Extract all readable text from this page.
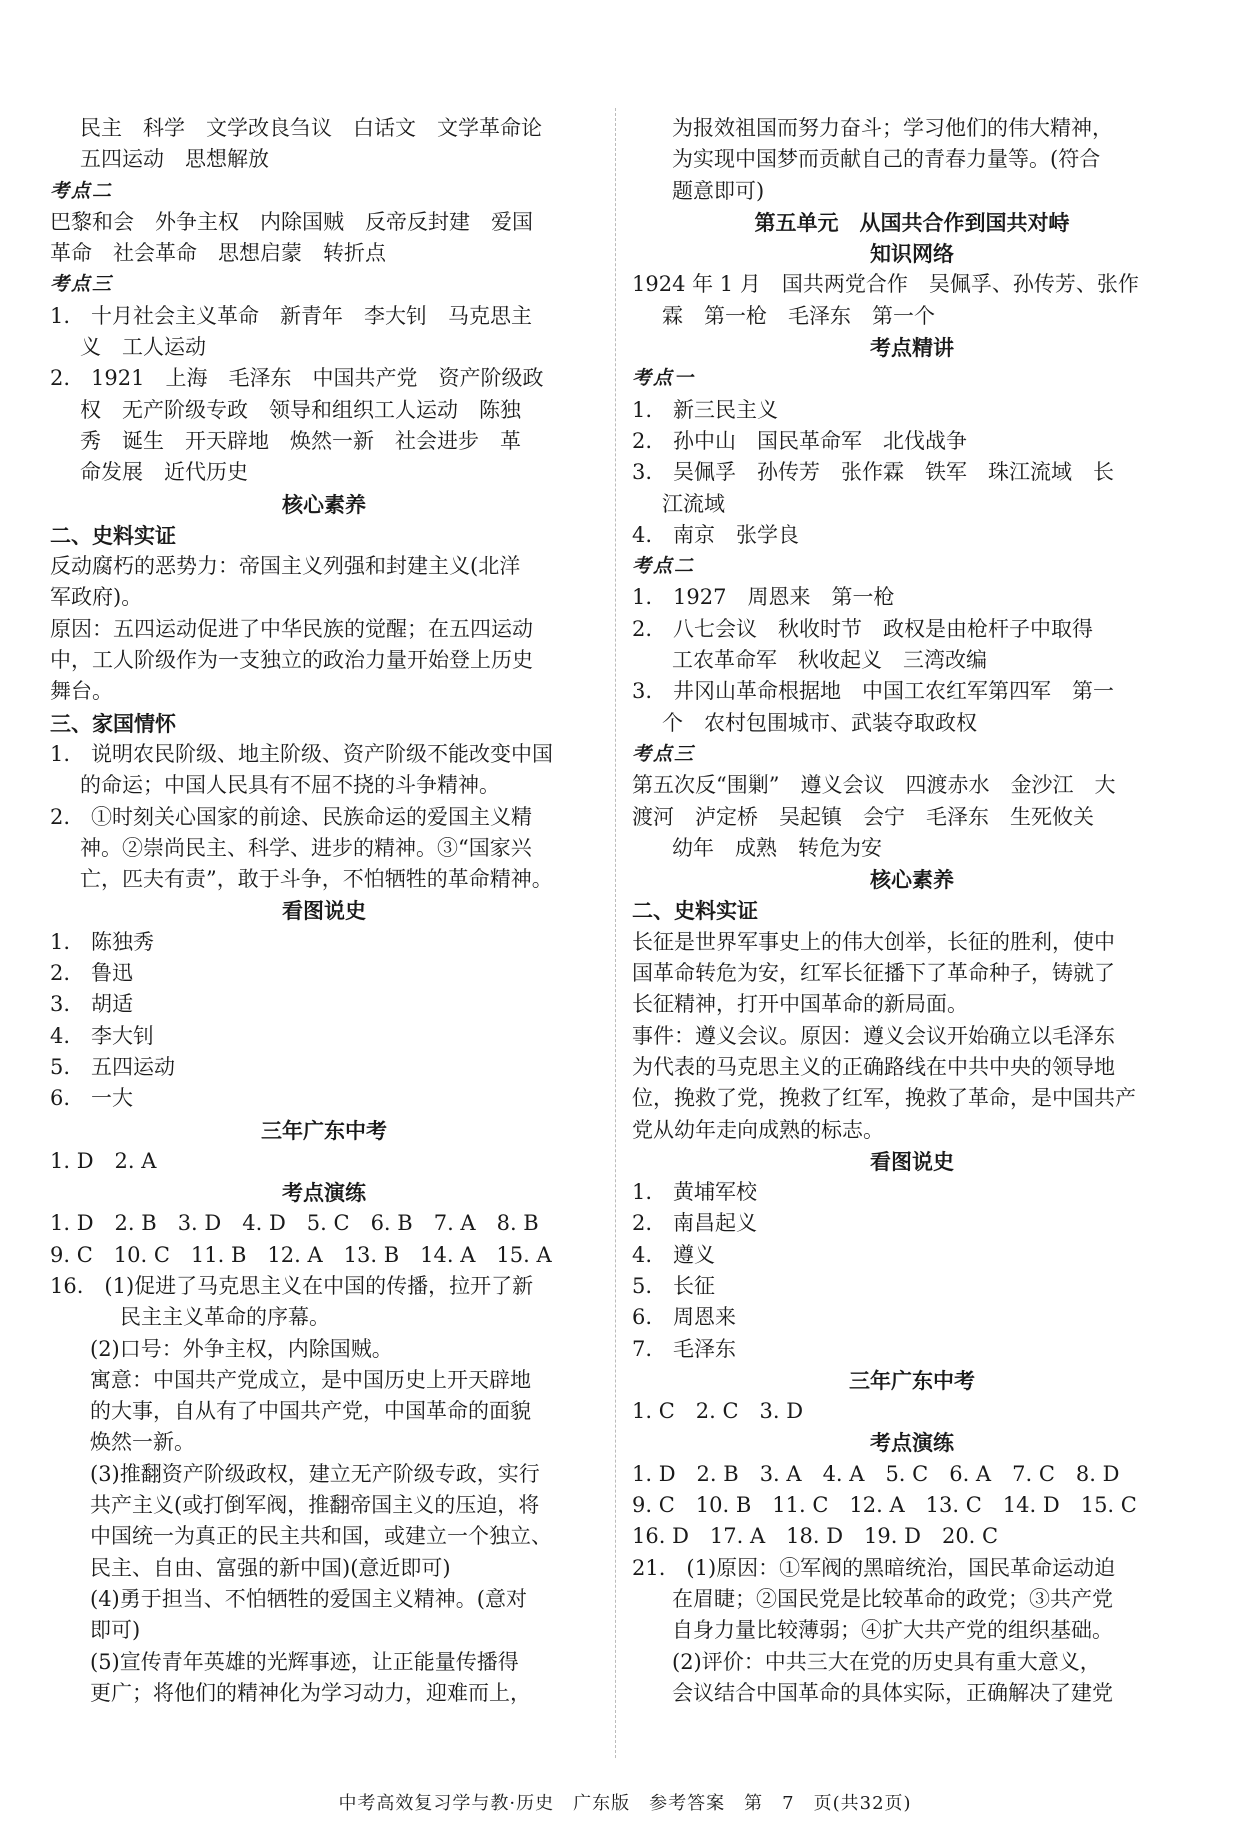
民主　科学　文学改良刍议　白话文　文学革命论
五四运动　思想解放
考点二
巴黎和会　外争主权　内除国贼　反帝反封建　爱国
革命　社会革命　思想启蒙　转折点
考点三
1.　十月社会主义革命　新青年　李大钊　马克思主
义　工人运动
2.　1921　上海　毛泽东　中国共产党　资产阶级政
权　无产阶级专政　领导和组织工人运动　陈独
秀　诞生　开天辟地　焕然一新　社会进步　革
命发展　近代历史
核心素养
二、史料实证
反动腐朽的恶势力：帝国主义列强和封建主义(北洋
军政府)。
原因：五四运动促进了中华民族的觉醒；在五四运动
中，工人阶级作为一支独立的政治力量开始登上历史
舞台。
三、家国情怀
1.　说明农民阶级、地主阶级、资产阶级不能改变中国
的命运；中国人民具有不屈不挠的斗争精神。
2.　①时刻关心国家的前途、民族命运的爱国主义精
神。②崇尚民主、科学、进步的精神。③“国家兴
亡，匹夫有责”，敢于斗争，不怕牺牲的革命精神。
看图说史
1.　陈独秀
2.　鲁迅
3.　胡适
4.　李大钊
5.　五四运动
6.　一大
三年广东中考
1. D　2. A
考点演练
1. D　2. B　3. D　4. D　5. C　6. B　7. A　8. B
9. C　10. C　11. B　12. A　13. B　14. A　15. A
16.　(1)促进了马克思主义在中国的传播，拉开了新
民主主义革命的序幕。
(2)口号：外争主权，内除国贼。
寓意：中国共产党成立，是中国历史上开天辟地
的大事，自从有了中国共产党，中国革命的面貌
焕然一新。
(3)推翻资产阶级政权，建立无产阶级专政，实行
共产主义(或打倒军阀，推翻帝国主义的压迫，将
中国统一为真正的民主共和国，或建立一个独立、
民主、自由、富强的新中国)(意近即可)
(4)勇于担当、不怕牺牲的爱国主义精神。(意对
即可)
(5)宣传青年英雄的光辉事迹，让正能量传播得
更广；将他们的精神化为学习动力，迎难而上，
为报效祖国而努力奋斗；学习他们的伟大精神，
为实现中国梦而贡献自己的青春力量等。(符合
题意即可)
第五单元　从国共合作到国共对峙
知识网络
1924 年 1 月　国共两党合作　吴佩孚、孙传芳、张作
霖　第一枪　毛泽东　第一个
考点精讲
考点一
1.　新三民主义
2.　孙中山　国民革命军　北伐战争
3.　吴佩孚　孙传芳　张作霖　铁军　珠江流域　长
江流域
4.　南京　张学良
考点二
1.　1927　周恩来　第一枪
2.　八七会议　秋收时节　政权是由枪杆子中取得
工农革命军　秋收起义　三湾改编
3.　井冈山革命根据地　中国工农红军第四军　第一
个　农村包围城市、武装夺取政权
考点三
第五次反“围剿”　遵义会议　四渡赤水　金沙江　大
渡河　泸定桥　吴起镇　会宁　毛泽东　生死攸关
幼年　成熟　转危为安
核心素养
二、史料实证
长征是世界军事史上的伟大创举，长征的胜利，使中
国革命转危为安，红军长征播下了革命种子，铸就了
长征精神，打开中国革命的新局面。
事件：遵义会议。原因：遵义会议开始确立以毛泽东
为代表的马克思主义的正确路线在中共中央的领导地
位，挽救了党，挽救了红军，挽救了革命，是中国共产
党从幼年走向成熟的标志。
看图说史
1.　黄埔军校
2.　南昌起义
4.　遵义
5.　长征
6.　周恩来
7.　毛泽东
三年广东中考
1. C　2. C　3. D
考点演练
1. D　2. B　3. A　4. A　5. C　6. A　7. C　8. D
9. C　10. B　11. C　12. A　13. C　14. D　15. C
16. D　17. A　18. D　19. D　20. C
21.　(1)原因：①军阀的黑暗统治，国民革命运动迫
在眉睫；②国民党是比较革命的政党；③共产党
自身力量比较薄弱；④扩大共产党的组织基础。
(2)评价：中共三大在党的历史具有重大意义，
会议结合中国革命的具体实际，正确解决了建党
中考高效复习学与教·历史　广东版　参考答案　第　7　页(共32页)
